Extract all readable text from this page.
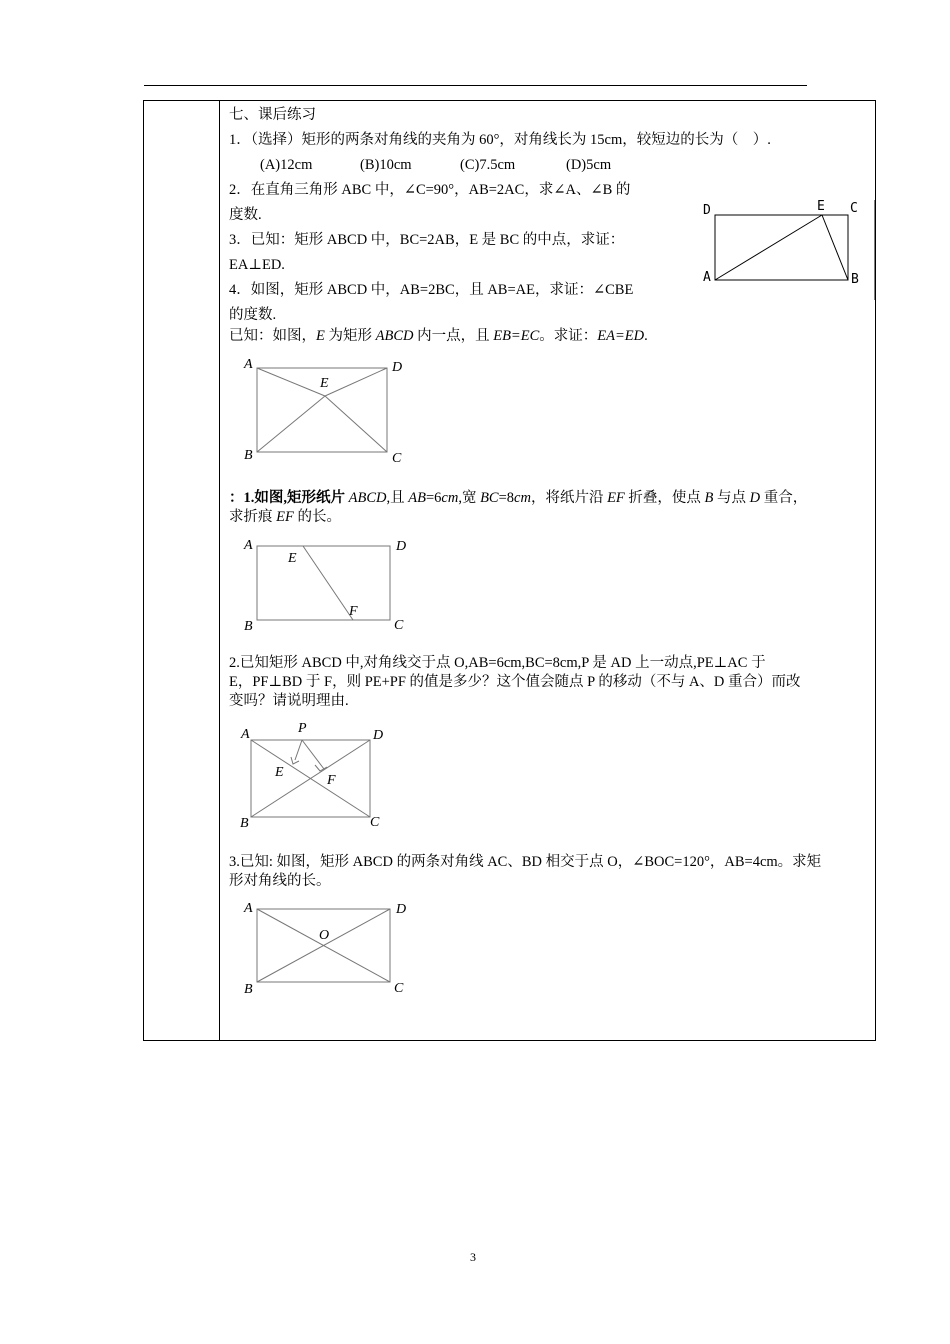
七、课后练习
1．（选择）矩形的两条对角线的夹角为 60°，对角线长为 15cm，较短边的长为（　）.
(A)12cm	(B)10cm	(C)7.5cm	(D)5cm
2．在直角三角形 ABC 中，∠C=90°，AB=2AC，求∠A、∠B 的
度数.
3．已知：矩形 ABCD 中，BC=2AB，E 是 BC 的中点，求证：
EA⊥ED.
4．如图，矩形 ABCD 中，AB=2BC，且 AB=AE，求证：∠CBE
的度数.
D	E C
A	B
已知：如图，E 为矩形 ABCD 内一点，且 EB=EC。求证：EA=ED.
A	D
E
B	C
：1.如图,矩形纸片 ABCD,且 AB=6cm,宽 BC=8cm，将纸片沿 EF 折叠，使点 B 与点 D 重合，
求折痕 EF 的长。
A
E
D
F
B	C
2.已知矩形 ABCD 中,对角线交于点 O,AB=6cm,BC=8cm,P 是 AD 上一动点,PE⊥AC 于
E，PF⊥BD 于 F，则 PE+PF 的值是多少？这个值会随点 P 的移动（不与 A、D 重合）而改
变吗？请说明理由.
A	P	D
E
F
B	C
3.已知: 如图，矩形 ABCD 的两条对角线 AC、BD 相交于点 O，∠BOC=120°，AB=4cm。求矩
形对角线的长。
A	D
O
B	C
3
